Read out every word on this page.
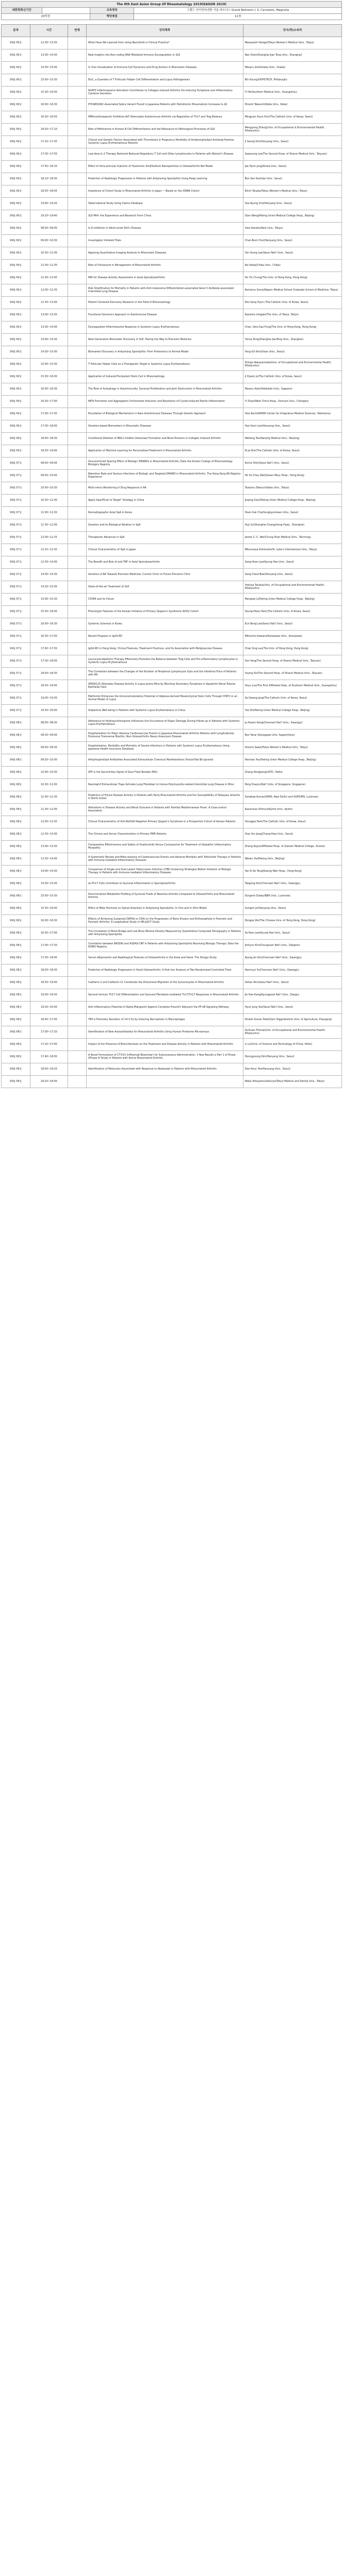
The 8th East Asian Group Of Rheumatology 2019(EAGOR 2019)			
대한학회신기간		교육명칭	그랜드 인터컨티넨탈 서울 파르나스 Grand Ballroom I, II, Carnation, Magnolia
20학점		해당평점	12점
분과	시간	연제	강의제목	강사(학)소속처
09월 06일	12:30~13:30		What Have We Learned from Using Baricitinib in Clinical Practice?	Masayoshi Harigai(Tokyo Women's Medical Univ., Tokyo)
09월 06일	13:30~14:30		New Insights into Non-coding RNA Mediated Immune Dysregulation in SLE	Nan Shen(Shanghai Jiao Tong Univ., Shanghai)
09월 06일	14:30~15:00		In Vivo Visualization of Immune Cell Dynamics and Drug Actions in Rheumatic Diseases	Masaru Ishii(Osaka Univ., Osaka)
09월 06일	15:00~15:30		Ets1, a Guardian of T Follicular Helper Cell Differentiation and Lupus Pathogenesis	Bin Hyung(HOPSTECH, Pittsburgh)
09월 06일	15:30~16:00		NLRP3 Inflammasome Activation Contributes to Collagen-induced Arthritis Via Inducing Pyroptosis and Inflammatory Cytokine Secretion	Yi He(Southern Medical Univ., Guangzhou)
09월 06일	16:00~16:30		PYCARD/ASC-Associated Splice Variant Found in Japanese Patients with Palindromic Rheumatism Increases IL-1β	Hiroshi Takeuchi(Kobe Univ., Kobe)
09월 06일	16:30~16:50		IMMunotherapeutic Inhibitors-ALT Attenuates Autoimmune Arthritis via Regulation of Th17 and Treg Balance	Mingjuan Hyun Hun(The Catholic Univ. of Korea, Seoul)
09월 06일	16:50~17:10		Role of Methionine in Human B Cell Differentiation and the Relevance to Pathological Processes of SLE	Mengyang Zhang(Univ. of Occupational & Environmental Health, Kitakyushu)
09월 06일	17:10~17:30		Clinical and Genetic Factors Associated with Thrombosis in Pregnancy Morbidity of Antiphospholipid Antibody-Positive Systemic Lupus Erythematosus Patients	Ji Soong Kim(Hanyang Univ., Seoul)
09월 06일	17:30~17:50		Low-dose IL-2 Therapy Restored Reduced Regulatory T Cell and Other Lymphocytes in Patients with Behcet's Disease	Saeyoung Lee(The Second Hosp. of Shanxi Medical Univ., Taiyuan)
09월 06일	17:50~18:10		Effect of Intra-articular Injection of Hyaluronic Acid/Sodium Nanoparticles in Osteoarthritis Rat Model	Jae Hyun Jung(Korea Univ., Seoul)
09월 06일	18:10~18:30		Prediction of Radiologic Progression in Patients with Ankylosing Spondylitis Using Deep Learning	Bon San Koo(Inje Univ., Seoul)
09월 06일	18:30~18:50		Impotence of Cohort Study in Rheumatoid Arthritis in Japan ~ Based on the IORRA Cohort	Eiichi Tanaka(Tokyo Women's Medical Univ., Tokyo)
09월 06일	19:00~19:20		Observational Study Using Claims Database	Soo-Kyung Cho(Hanyang Univ., Seoul)
09월 06일	19:20~19:40		SLE-PAH: the Experience and Research From China	Qian Wang(Peking Union Medical College Hosp., Beijing)
09월 06일	08:00~09:00		IL-6 Inhibition in Adult-onset Still's Disease	Yuko Kaneko(Keio Univ., Tokyo)
09월 06일	09:00~10:30		Investigator Initiated Trials	Chan-Bum Choi(Hanyang Univ., Seoul)
09월 06일	10:30~11:00		Applying Quantitative Imaging Analysis to Rheumatic Diseases	Yon Young Lee(Seoul Nat'l Univ., Seoul)
09월 06일	11:00~11:30		Role of Ultrasound in Management of Rheumatoid Arthritis	Kei Ikeda(Chiba Univ., Chiba)
09월 06일	11:30~12:00		MRI for Disease Activity Assessment in Axial Spondyloarthritis	Ho Yin Chung(The Univ. of Hong Kong, Hong Kong)
09월 06일	12:00~12:30		Risk Stratification for Mortality in Patients with Anti-melanoma Differentiation-associated Gene 5 Antibody-associated Interstitial Lung Disease	Kentarou Gono(Nippon Medical School Graduate School of Medicine, Tokyo)
09월 06일	12:30~13:00		Patient Centered Discovery Research in the Field of Rheumatology	Kim Sang Hyun (The Catholic Univ. of Korea, Seoul)
09월 06일	13:00~13:30		Functional Genomics Approach in Autoimmune Disease	Kazuhiro Ishigaki(The Univ. of Tokyo, Tokyo)
09월 06일	13:30~14:00		Dysregulated Inflammasome Response in Systemic Lupus Erythematosus	Chan, Vera Sau-Fong(The Univ. of Hong Kong, Hong Kong)
09월 06일	14:00~14:30		Next-Generation Biomarker Discovery in SLE: Paving the Way to Precision Medicine	Yuhua Ding(Shanghai JiaoTong Univ., Shanghai)
09월 06일	14:30~15:00		Biomarker Discovery in Ankylosing Spondylitis: From Proteomics to Animal Model	Yong-Gil Kim(Ulsan Univ., Seoul)
09월 06일	15:00~15:30		T Follicular Helper Cells as a Therapeutic Target in Systemic Lupus Erythematosus	Shingo Nakayamada(Univ. of Occupational and Environmental Health, Kitakyushu)
09월 06일	15:30~16:00		Application of Induced Pluripotent Stem Cell in Rheumatology	Ji Hyeon Ju(The Catholic Univ. of Korea, Seoul)
09월 06일	16:00~16:30		The Role of Autophagy in Autoimmunity: Synovial Proliferation and Joint Destruction in Rheumatoid Arthritis	Masaru Kato(Hokkaido Univ., Sapporo)
09월 06일	16:30~17:00		NETs Formation and Aggregation Orchestrate Induction and Resolution of Crystal-induced Sterile Inflammation	Yi Zhao(West China Hosp., Sichuan Univ., Chengdu)
09월 06일	17:00~17:30		Elucidation of Biological Mechanisms in Rare Autoimmune Diseases Through Genetic Approach	Yuta Kochi(RIKEN Center for Integrative Medical Sciences, Yokohama)
09월 06일	17:30~18:00		Genetics-based Biomarkers in Rheumatic Diseases	Hye-Soon Lee(Hanyang Univ., Seoul)
09월 06일	18:00~18:30		Conditional Deletion of MKL1 Inhibits Osteoclast Formation and Bone Erosions in Collagen Induced Arthritis	Weiteng Tan(Nanjing Medical Univ., Nanjing)
09월 06일	18:30~19:00		Application of Machine Learning for Personalized Treatment in Rheumatoid Arthritis	Ki-Jo Kim(The Catholic Univ. of Korea, Seoul)
09월 07일	08:00~09:00		Glucocorticoid Sparing Effect of Biologic DMARDs in Rheumatoid Arthritis; Data the Korean College of Rheumatology Biologics Registry	Kichul Shin(Seoul Nat'l Univ., Seoul)
09월 07일	09:00~10:00		Retention Rate and Serious Infections of Biologic and Targeted DMARD in Rheumatoid Arthritis: The Hong Kong RA Registry Experience	Ho So Chau Wai(Queen Mary Hosp., Hong Kong)
09월 07일	10:00~10:30		Multi-omics Monitoring of Drug Response in RA	Tsutomu Takeuchi(Keio Univ., Tokyo)
09월 07일	10:30~11:00		Apply SquidTrust to Target" Strategy in China	Jinping Xian(Peking Union Medical College Hosp., Beijing)
09월 07일	11:00~11:30		Nonradiographic Axial SpA in Korea	Hoon-Suk Cha(Sungkyunkwan Univ., Seoul)
09월 07일	11:30~12:00		Genetics and its Biological Relation in SpA	Huji Xu(Shanghai Changzheng Hosp., Shanghai)
09월 07일	12:00~12:15		Therapeutic Advances in SpA	James C.-C. Wei(Chung Shan Medical Univ., Taichung)
09월 07일	12:15~12:30		Clinical Characteristics of SpA in Japan	Mitsumasa Kishimoto(St. Luke's International Univ., Tokyo)
09월 07일	12:30~14:00		The Benefit and Risk of anti-TNF in Axial Spondyloarthritis	Sang-Hoon Lee(Kyung Hee Univ., Seoul)
09월 07일	14:00~14:30		Genetics of RA Towards Precision Medicine: Current Clinic to Future Precision Clinic	Sang Cheol Bae(Hanyang Univ., Seoul)
09월 07일	14:30~15:00		State-of-the-art Treatment of SLE	Yoshiya Tanaka(Univ. of Occupational and Environmental Health, Kitakyushu)
09월 07일	15:00~15:30		CSTAR and its Future	Mengtao Li(Peking Union Medical College Hosp., Beijing)
09월 07일	15:30~16:00		Phenotypic Features of the Korean Initiative of Primary Sjogren's Syndrome (KISS) Cohort	Seung-Hwan Park(The Catholic Univ. of Korea, Seoul)
09월 07일	16:00~16:30		Systemic Sclerosis in Korea	Eun Bong Lee(Seoul Nat'l Univ., Seoul)
09월 07일	16:30~17:00		Recent Progress in IgG4-RD	Mitsuhiro Kawano(Kanazawa Univ., Kanazawa)
09월 07일	17:00~17:30		IgG4-RD in Hong Kong: Clinical Features, Treatment Practices, and Its Association with Malignancies Disease	Chak Sing Lau(The Univ. of Hong Kong, Hong Kong)
09월 07일	17:30~18:00		Leucocyte-depletion Therapy Effectively Promotes the Balance between Treg Cells and Pro-inflammatory Lymphocytes in Systemic Lupus Erythematosus	Sen Yang(The Second Hosp. of Shanxi Medical Univ., Taiyuan)
09월 07일	18:00~18:30		The Correlation between the Changes of the Number of Peripheral Lymphocyte Subs and the Intestinal Flora of Patients with RA	Yuying Shi(The Second Hosp. of Shanxi Medical Univ., Taiyuan)
09월 07일	18:30~19:00		SP600125 Alleviates Disease Activity in Lupus-prone Mice by Blocking Secondary Pyroptosis in Apoptotic Renal Tubular Epithelial Cells	Ouyu Luo(The First Affiliated Hosp. of Southern Medical Univ., Guangzhou)
09월 07일	19:00~19:30		Metformin Enhances the Immunomodulatory Potential of Adipose-derived Mesenchymal Stem Cells Through STAT1 in an Animal Model of Lupus	Se Gwang Jang(The Catholic Univ. of Korea, Seoul)
09월 07일	19:30~20:00		Subjective Well-being in Patients with Systemic Lupus Erythematosus in China	Yue Shi(Peking Union Medical College Hosp., Beijing)
09월 08일	08:00~08:30		Adherence to Hydroxychloroquine Influences the Occurrence of Organ Damage During Follow-up in Patients with Systemic Lupus Erythematosus	Ju-Hyeon Kang(Chonnam Nat'l Univ., Gwangju)
09월 08일	08:30~09:00		Hospitalization for Major Adverse Cardiovascular Events in Japanese Rheumatoid Arthritis Patients with Longitudinally Extensive Transverse Myelitis, Non-Osteoarthritis Heavy Aneurysm Disease	Ryo Yanai (Kanagawa Univ. Sagamihara)
09월 08일	09:00~09:30		Hospitalization, Morbidity and Mortality of Severe Infections in Patients with Systemic Lupus Erythematosus Using Japanese Health Insurance Database	Shoichi Sakai(Tokyo Women's Medical Univ., Tokyo)
09월 08일	09:30~10:00		Antiphospholipid Antibodies Associated Extracellular Chemical Manifestations Should Not Be Ignored	Hanxiao You(Peking Union Medical College Hosp., Beijing)
09월 08일	10:00~10:30		ATP is the Second Key Signal of Gout Flare Besides MSU	Zhang Hongjiang(USTC, Hefei)
09월 08일	10:30~11:00		Neutrophil Extracellular Traps Activate Lung Fibroblast to Induce Polymyositis-related Interstitial Lung Disease in Mice	Peng Huajun(Nat'l Univ. of Singapore, Singapore)
09월 08일	11:00~11:30		Predictors of Future Disease Activity in Patients with Early Rheumatoid Arthritis and the Susceptibility of Takayasu Arteritis in North Indian	Sandeep Kumar(AIIMS, New Delhi) and SGPGIMS, Lucknow)
09월 08일	11:30~12:00		Alterations in Disease Activity and Renal Outcome in Patients with Familial Mediterranean Fever: A Case-control Association	Kazumasa Ohmura(Kyoto Univ., Kyoto)
09월 08일	12:00~12:30		Clinical Characteristics of Anti-Ro/SSA Negative Primary Sjogren's Syndrome in a Prospective Cohort of Korean Patients	Youngjae Park(The Catholic Univ. of Korea, Seoul)
09월 08일	12:30~13:00		The Clinical and Serum Characteristics in Primary PMR Patients	Xiao Yun Jang(Chang-Hwa Univ., Seoul)
09월 08일	13:00~13:30		Comparative Effectiveness and Safety of Acalbrutinib Versus Cyclosporine for Treatment of Idiopathic Inflammatory Myopathy	Zhang Rujun(Affiliated Hosp. of Xiamen Medical College, Xiuhan)
09월 08일	13:30~14:00		A Systematic Review and Meta-analysis of Cardiovascular Events and Adverse Mortality with Tofacitinib Therapy in Patients with Immune-mediated Inflammatory Diseases	Weiwu Xie(Peking Univ., Beijing)
09월 08일	14:00~14:30		Comparison of Single and Dual Latent Tuberculosis Infection (LTBI) Screening Strategies Before Initiation of Biologic Therapy in Patients with Immune-mediated Inflammatory Diseases	Yan Ki Ko Teng(Kwong Wah Hosp., Hong Kong)
09월 08일	14:30~15:00		ex-Th17 Cells Contribute to Synovial Inflammation in Spondyloarthritis	Taegong Kim(Chonnam Nat'l Univ., Gwangju)
09월 08일	15:00~15:30		Discriminative Metabolite Profiling of Synovial Fluids of Reactive Arthritis Compared to Osteoarthritis and Rheumatoid Arthritis	Durgesh Dubey(BBA Univ., Lucknow)
09월 08일	15:30~16:00		Effect of Male Hormone on Spinal Ankylosis in Ankylosing Spondylitis: In Vivo and in Vitro Model	Sungsin Jo(Hanyang Univ., Seoul)
09월 08일	16:00~16:30		Effects of Achieving Sustained DAPSA or CDAI on the Progression of Bone Erosion and Enthesophyte in Psoriatic and Psoriatic Arthritis: A Longitudinal Study in HR-pQCT Study	Dongze Wu(The Chinese Univ. of Hong Kong, Hong Kong)
09월 08일	16:30~17:00		The Correlation of Bone Bridge and Low Bone Mineral Density Measured by Quantitative Computed Tomography in Patients with Ankylosing Spondylitis	So-Yeon Lee(Kyung Hee Univ., Seoul)
09월 08일	17:00~17:30		Correlation between BASDAI and ASDAS-CRP in Patients with Ankylosing Spondylitis Receiving Biologic Therapy: Data the KOBIO Registry	Jinhyun Kim(Chungnam Nat'l Univ., Daejeon)
09월 08일	17:30~18:00		Serum Adiponectin and Radiological Features of Osteoarthritis in the Knee and Hand: The Dongju Study	Kyung-Jin Kim(Chonnam Nat'l Univ., Gwangju)
09월 08일	18:00~18:30		Prediction of Radiologic Progression in Hand Osteoarthritis: A Post-hoc Analysis of Two Randomized Controlled Trials	Hanmyui Yu(Chonnam Nat'l Univ., Gwangju)
09월 08일	18:30~19:00		Cadherin-2 and Cadherin-11 Coordinate the Directional Migration of the Synoviocytes in Rheumatoid Arthritis	Sehan Ahn(Seoul Nat'l Univ., Seoul)
09월 08일	19:00~19:30		Second Intrinsic Th17 Cell Differentiation and Synovial Fibroblast-mediated Th17/Th17 Responses in Rheumatoid Arthritis	Jin Hee Kang(Kyungpook Nat'l Univ., Daegu)
09월 08일	19:30~20:00		Anti-inflammatory Potential of Alpha-Mangostin Against Complete Freund's Adjuvant Via HF-κB Signaling Pathway	Hyun Jung Yoo(Seoul Nat'l Univ., Seoul)
09월 08일	16:40~17:00		TNF-α Promotes Secretion of 14-3-3η by Inducing Necroptosis in Macrophages	Dinesh Kumar Patel(Sam Higginbottom Univ. of Agriculture, Prayagraj)
09월 08일	17:00~17:20		Identification of New Autoantibodies for Rheumatoid Arthritis Using Human Proteome Microarrays	Guihuan Trimna(Univ. of Occupational and Environmental Health, Kitakyushu)
09월 08일	17:20~17:40		Impact of the Presence of Bronchiectasis on the Treatment and Disease Activity in Patients with Rheumatoid Arthritis	Li Lin(Univ. of Science and Technology of China, Hefei)
09월 08일	17:40~18:00		A Novel Formulation of CT-P13 (Infliximab Biosimilar) for Subcutaneous Administration: 1-Year Results a Part 1 of Phase I/Phase III Study in Patients with Active Rheumatoid Arthritis	Hyungyoung Kim(Hanyang Univ., Seoul)
09월 08일	18:00~18:20		Identification of Molecules Associated with Response to Abatacept in Patients with Rheumatoid Arthritis	Dae Hyun Yoo(Hanyang Univ., Seoul)
09월 08일	18:20~18:40			Waka Yokoyama-Kokuryo(Tokyo Medical and Dental Univ., Tokyo)
